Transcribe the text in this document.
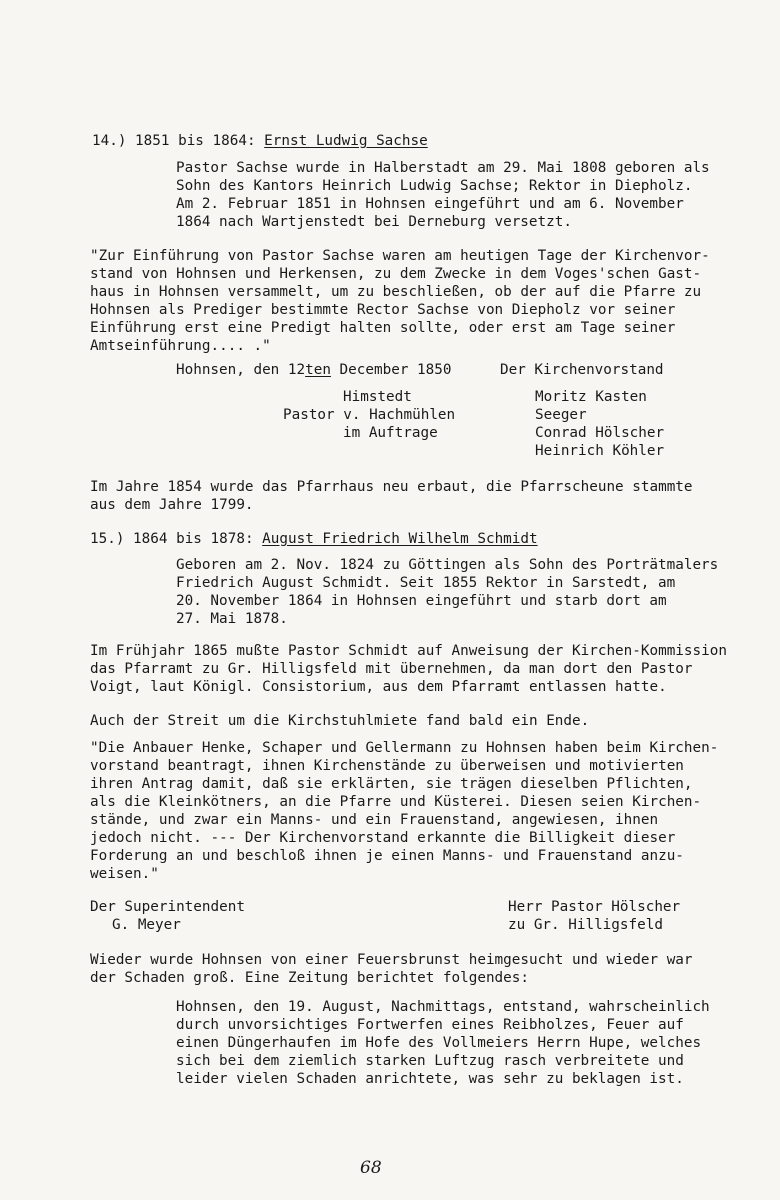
14.) 1851 bis 1864: Ernst Ludwig Sachse
Pastor Sachse wurde in Halberstadt am 29. Mai 1808 geboren als
Sohn des Kantors Heinrich Ludwig Sachse; Rektor in Diepholz.
Am 2. Februar 1851 in Hohnsen eingeführt und am 6. November
1864 nach Wartjenstedt bei Derneburg versetzt.
"Zur Einführung von Pastor Sachse waren am heutigen Tage der Kirchenvor-
stand von Hohnsen und Herkensen, zu dem Zwecke in dem Voges'schen Gast-
haus in Hohnsen versammelt, um zu beschließen, ob der auf die Pfarre zu
Hohnsen als Prediger bestimmte Rector Sachse von Diepholz vor seiner
Einführung erst eine Predigt halten sollte, oder erst am Tage seiner
Amtseinführung.... ."
Hohnsen, den 12ten December 1850	Der Kirchenvorstand
Himstedt
Pastor v. Hachmühlen
im Auftrage
Moritz Kasten
Seeger
Conrad Hölscher
Heinrich Köhler
Im Jahre 1854 wurde das Pfarrhaus neu erbaut, die Pfarrscheune stammte
aus dem Jahre 1799.
15.) 1864 bis 1878: August Friedrich Wilhelm Schmidt
Geboren am 2. Nov. 1824 zu Göttingen als Sohn des Porträtmalers
Friedrich August Schmidt. Seit 1855 Rektor in Sarstedt, am
20. November 1864 in Hohnsen eingeführt und starb dort am
27. Mai 1878.
Im Frühjahr 1865 mußte Pastor Schmidt auf Anweisung der Kirchen-Kommission
das Pfarramt zu Gr. Hilligsfeld mit übernehmen, da man dort den Pastor
Voigt, laut Königl. Consistorium, aus dem Pfarramt entlassen hatte.
Auch der Streit um die Kirchstuhlmiete fand bald ein Ende.
"Die Anbauer Henke, Schaper und Gellermann zu Hohnsen haben beim Kirchen-
vorstand beantragt, ihnen Kirchenstände zu überweisen und motivierten
ihren Antrag damit, daß sie erklärten, sie trägen dieselben Pflichten,
als die Kleinkötners, an die Pfarre und Küsterei. Diesen seien Kirchen-
stände, und zwar ein Manns- und ein Frauenstand, angewiesen, ihnen
jedoch nicht. --- Der Kirchenvorstand erkannte die Billigkeit dieser
Forderung an und beschloß ihnen je einen Manns- und Frauenstand anzu-
weisen."
Der Superintendent
G. Meyer
Herr Pastor Hölscher
zu Gr. Hilligsfeld
Wieder wurde Hohnsen von einer Feuersbrunst heimgesucht und wieder war
der Schaden groß. Eine Zeitung berichtet folgendes:
Hohnsen, den 19. August, Nachmittags, entstand, wahrscheinlich
durch unvorsichtiges Fortwerfen eines Reibholzes, Feuer auf
einen Düngerhaufen im Hofe des Vollmeiers Herrn Hupe, welches
sich bei dem ziemlich starken Luftzug rasch verbreitete und
leider vielen Schaden anrichtete, was sehr zu beklagen ist.
68
